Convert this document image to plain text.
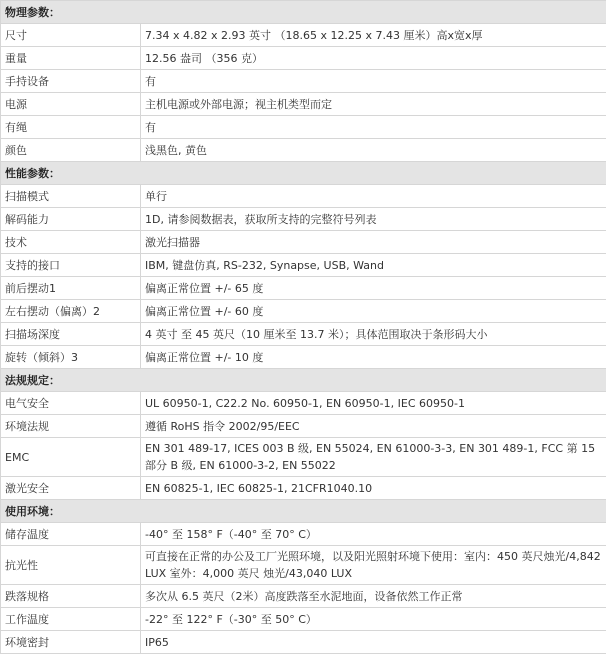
物理参数：	
尺寸	7.34 x 4.82 x 2.93 英寸 （18.65 x 12.25 x 7.43 厘米）高x宽x厚
重量	12.56 盎司 （356 克）
手持设备	有
电源	主机电源或外部电源；视主机类型而定
有绳	有
颜色	浅黑色, 黄色
性能参数：	
扫描模式	单行
解码能力	1D, 请参阅数据表，获取所支持的完整符号列表
技术	激光扫描器
支持的接口	IBM, 键盘仿真, RS-232, Synapse, USB, Wand
前后摆动1	偏离正常位置 +/- 65 度
左右摆动（偏离）2	偏离正常位置 +/- 60 度
扫描场深度	4 英寸 至 45 英尺（10 厘米至 13.7 米）；具体范围取决于条形码大小
旋转（倾斜）3	偏离正常位置 +/- 10 度
法规规定：	
电气安全	UL 60950-1, C22.2 No. 60950-1, EN 60950-1, IEC 60950-1
环境法规	遵循 RoHS 指令 2002/95/EEC
EMC	EN 301 489-17, ICES 003 B 级, EN 55024, EN 61000-3-3, EN 301 489-1, FCC 第 15 部分 B 级, EN 61000-3-2, EN 55022
激光安全	EN 60825-1, IEC 60825-1, 21CFR1040.10
使用环境：	
储存温度	-40° 至 158° F（-40° 至 70° C）
抗光性	可直接在正常的办公及工厂光照环境，以及阳光照射环境下使用：室内：450 英尺烛光/4,842 LUX 室外：4,000 英尺 烛光/43,040 LUX
跌落规格	多次从 6.5 英尺（2米）高度跌落至水泥地面，设备依然工作正常
工作温度	-22° 至 122° F（-30° 至 50° C）
环境密封	IP65
